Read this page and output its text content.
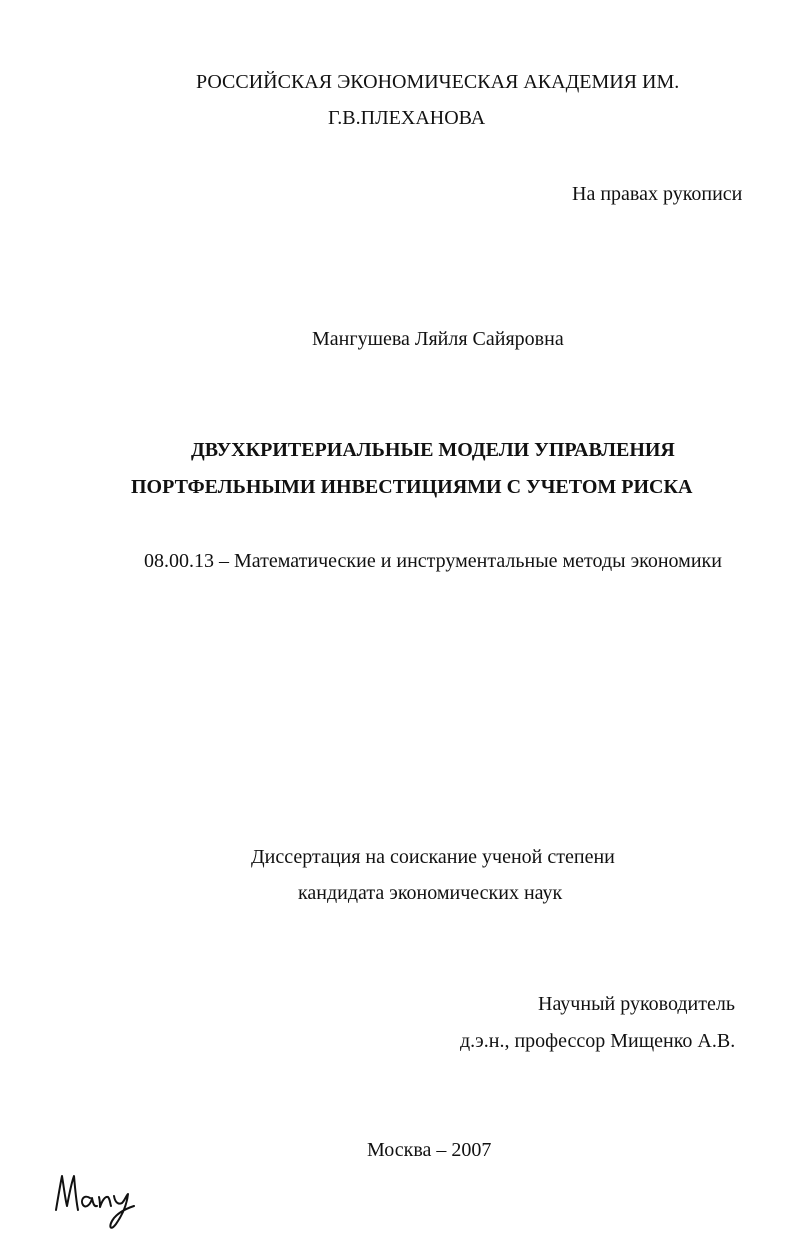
РОССИЙСКАЯ ЭКОНОМИЧЕСКАЯ АКАДЕМИЯ ИМ.
Г.В.ПЛЕХАНОВА
На правах рукописи
Мангушева Ляйля Сайяровна
ДВУХКРИТЕРИАЛЬНЫЕ МОДЕЛИ УПРАВЛЕНИЯ
ПОРТФЕЛЬНЫМИ ИНВЕСТИЦИЯМИ С УЧЕТОМ РИСКА
08.00.13 – Математические и инструментальные методы экономики
Диссертация на соискание ученой степени
кандидата экономических наук
Научный руководитель
д.э.н., профессор Мищенко А.В.
Москва – 2007
